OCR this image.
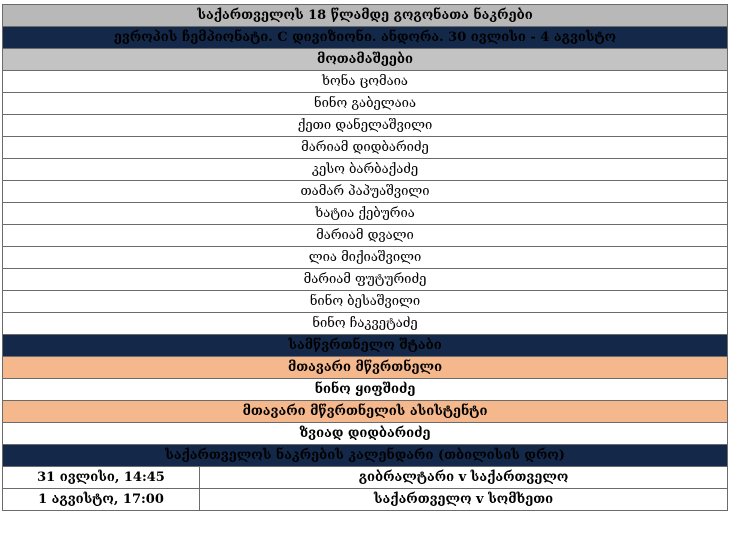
საქართველოს 18 წლამდე გოგონათა ნაკრები	
ევროპის ჩემპიონატი. C დივიზიონი. ანდორა. 30 ივლისი - 4 აგვისტო	
მოთამაშეები	
ხონა ცომაია	
ნინო გაბელაია	
ქეთი დანელაშვილი	
მარიამ დიდბარიძე	
კესო ბარბაქაძე	
თამარ პაპუაშვილი	
ხატია ქებურია	
მარიამ დვალი	
ლია მიქიაშვილი	
მარიამ ფუტურიძე	
ნინო ბესაშვილი	
ნინო ჩაკვეტაძე	
სამწვრთნელო შტაბი	
მთავარი მწვრთნელი	
ნინო ყიფშიძე	
მთავარი მწვრთნელის ასისტენტი	
ზვიად დიდბარიძე	
საქართველოს ნაკრების კალენდარი (თბილისის დრო)	
31 ივლისი, 14:45	გიბრალტარი v საქართველო
1 აგვისტო, 17:00	საქართველო v სომხეთი
